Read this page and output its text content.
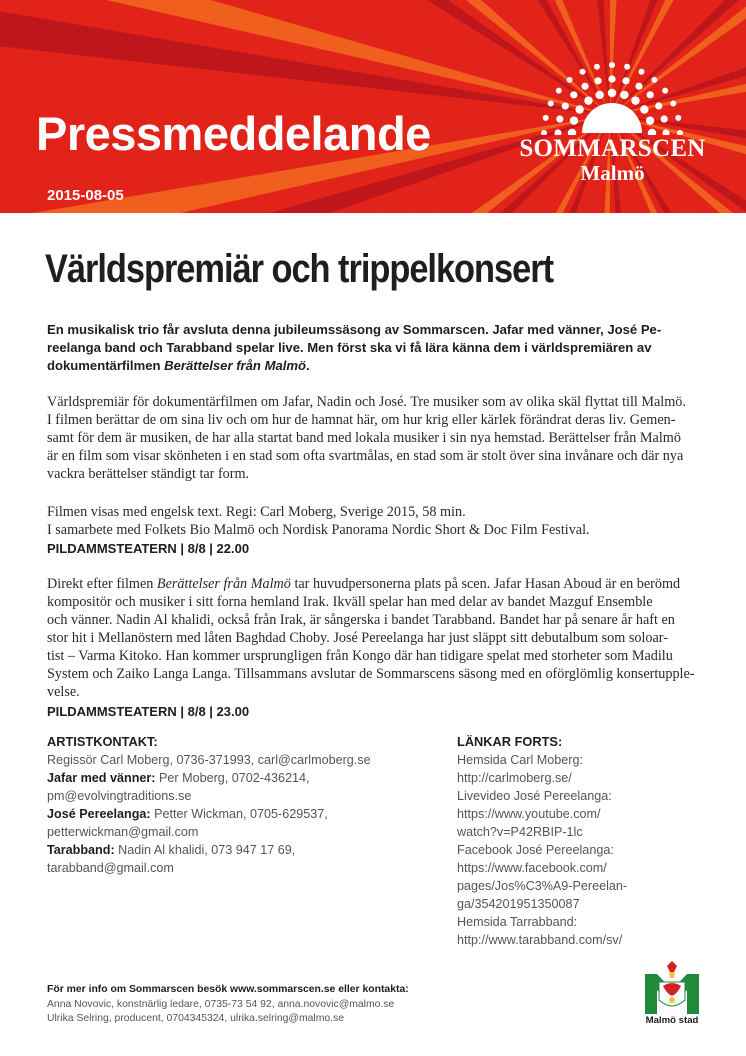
Pressmeddelande
2015-08-05
SOMMARSCEN
Malmö
Världspremiär och trippelkonsert

En musikalisk trio får avsluta denna jubileumssäsong av Sommarscen. Jafar med vänner, José Pe-
reelanga band och Tarabband spelar live. Men först ska vi få lära känna dem i världspremiären av
dokumentärfilmen Berättelser från Malmö.

Världspremiär för dokumentärfilmen om Jafar, Nadin och José. Tre musiker som av olika skäl flyttat till Malmö.
I filmen berättar de om sina liv och om hur de hamnat här, om hur krig eller kärlek förändrat deras liv. Gemen-
samt för dem är musiken, de har alla startat band med lokala musiker i sin nya hemstad. Berättelser från Malmö
är en film som visar skönheten i en stad som ofta svartmålas, en stad som är stolt över sina invånare och där nya
vackra berättelser ständigt tar form.

Filmen visas med engelsk text. Regi: Carl Moberg, Sverige 2015, 58 min.
I samarbete med Folkets Bio Malmö och Nordisk Panorama Nordic Short & Doc Film Festival.

PILDAMMSTEATERN | 8/8 | 22.00

Direkt efter filmen Berättelser från Malmö tar huvudpersonerna plats på scen. Jafar Hasan Aboud är en berömd
kompositör och musiker i sitt forna hemland Irak. Ikväll spelar han med delar av bandet Mazguf Ensemble
och vänner. Nadin Al khalidi, också från Irak, är sångerska i bandet Tarabband. Bandet har på senare år haft en
stor hit i Mellanöstern med låten Baghdad Choby. José Pereelanga har just släppt sitt debutalbum som soloar-
tist – Varma Kitoko. Han kommer ursprungligen från Kongo där han tidigare spelat med storheter som Madilu
System och Zaiko Langa Langa. Tillsammans avslutar de Sommarscens säsong med en oförglömlig konsertupple-
velse.

PILDAMMSTEATERN | 8/8 | 23.00

ARTISTKONTAKT:
Regissör Carl Moberg, 0736-371993, carl@carlmoberg.se
Jafar med vänner: Per Moberg, 0702-436214,
pm@evolvingtraditions.se
José Pereelanga: Petter Wickman, 0705-629537,
petterwickman@gmail.com
Tarabband: Nadin Al khalidi, 073 947 17 69,
tarabband@gmail.com
LÄNKAR FORTS:
Hemsida Carl Moberg:
http://carlmoberg.se/
Livevideo José Pereelanga:
https://www.youtube.com/
watch?v=P42RBIP-1lc
Facebook José Pereelanga:
https://www.facebook.com/
pages/Jos%C3%A9-Pereelan-
ga/354201951350087
Hemsida Tarrabband:
http://www.tarabband.com/sv/
För mer info om Sommarscen besök www.sommarscen.se eller kontakta:
Anna Novovic, konstnärlig ledare, 0735-73 54 92, anna.novovic@malmo.se
Ulrika Selring, producent, 0704345324, ulrika.selring@malmo.se	Malmö stad
